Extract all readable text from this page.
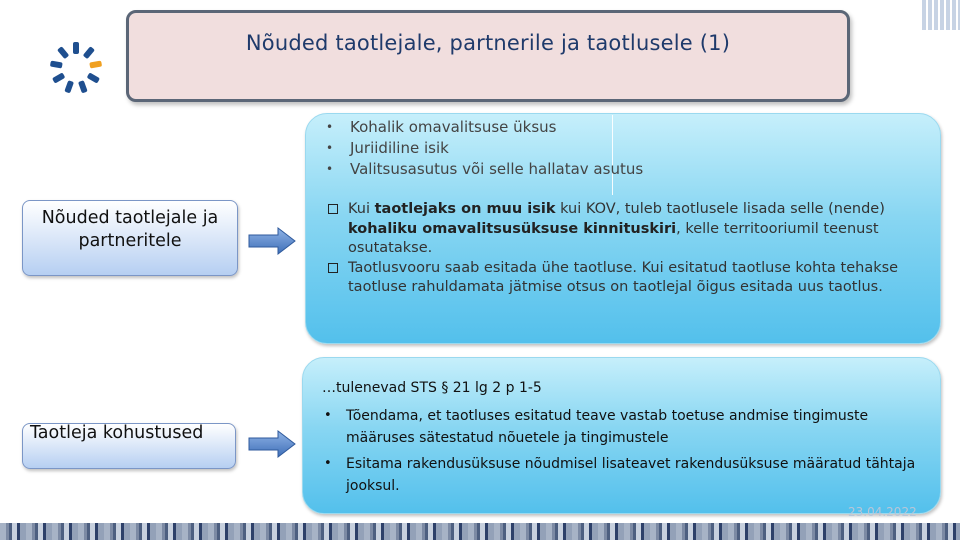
Nõuded taotlejale, partnerile ja taotlusele (1)
Nõuded taotlejale ja partneritele
Taotleja kohustused
• Kohalik omavalitsuse üksus
• Juriidiline isik
• Valitsusasutus või selle hallatav asutus
Kui taotlejaks on muu isik kui KOV, tuleb taotlusele lisada selle (nende) kohaliku omavalitsusüksuse kinnituskiri, kelle territooriumil teenust osutatakse.
Taotlusvooru saab esitada ühe taotluse. Kui esitatud taotluse kohta tehakse taotluse rahuldamata jätmise otsus on taotlejal õigus esitada uus taotlus.
…tulenevad STS § 21 lg 2 p 1-5
• Tõendama, et taotluses esitatud teave vastab toetuse andmise tingimuste määruses sätestatud nõuetele ja tingimustele
• Esitama rakendusüksuse nõudmisel lisateavet rakendusüksuse määratud tähtaja jooksul.
23.04.2022
